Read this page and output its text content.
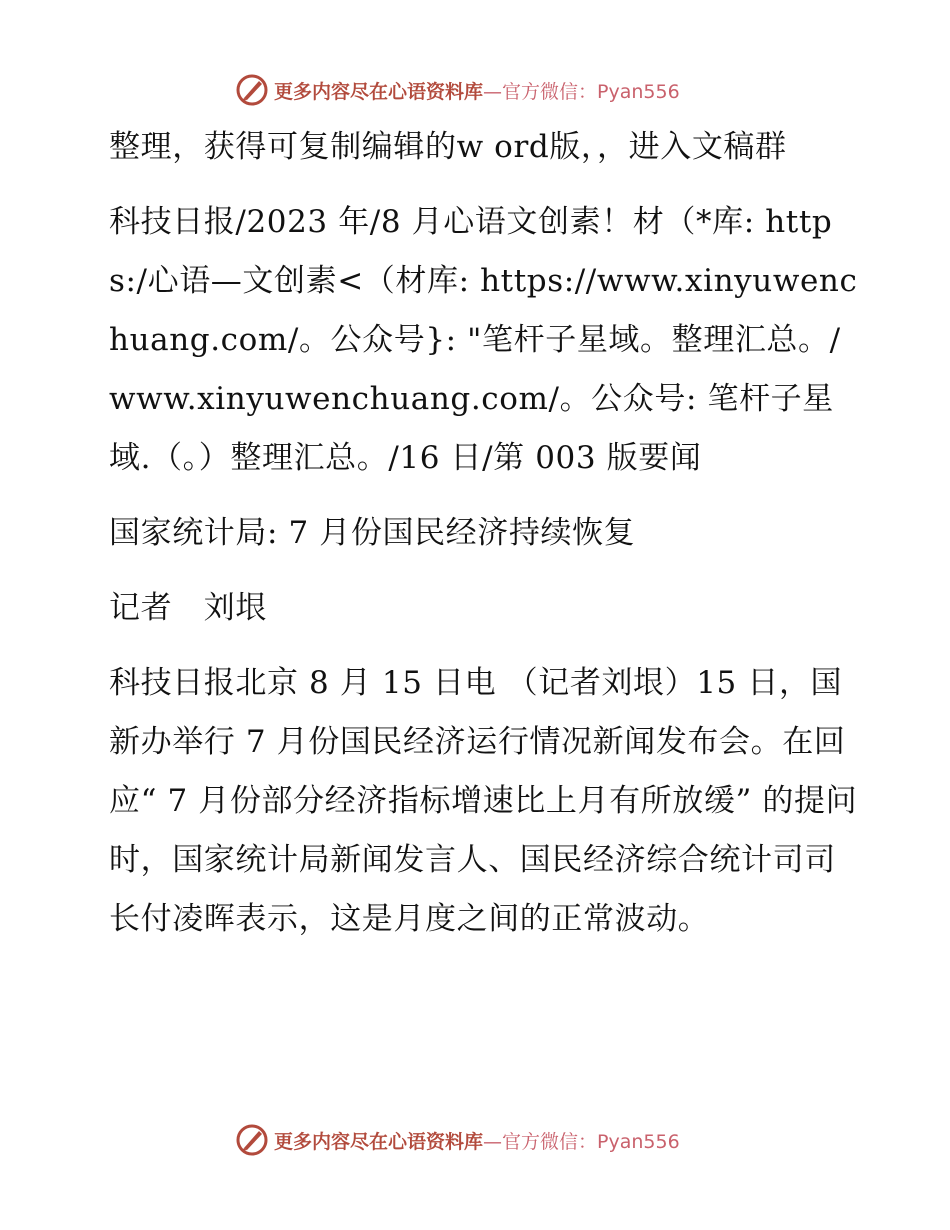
更多内容尽在心语资料库 —官方微信：Pyan556

整理，获得可复制编辑的w ord版，，进入文稿群

科技日报/2023 年/8 月心语文创素！材（*库: https:/心语—文创素<（材库: https://www.xinyuwenchuang.com/。公众号}: "笔杆子星域。整理汇总。/www.xinyuwenchuang.com/。公众号: 笔杆子星域.（。）整理汇总。/16 日/第 003 版要闻

国家统计局: 7 月份国民经济持续恢复

记者　刘垠

科技日报北京 8 月 15 日电 （记者刘垠）15 日，国新办举行 7 月份国民经济运行情况新闻发布会。在回应“ 7 月份部分经济指标增速比上月有所放缓” 的提问时，国家统计局新闻发言人、国民经济综合统计司司长付凌晖表示，这是月度之间的正常波动。

更多内容尽在心语资料库 —官方微信：Pyan556
